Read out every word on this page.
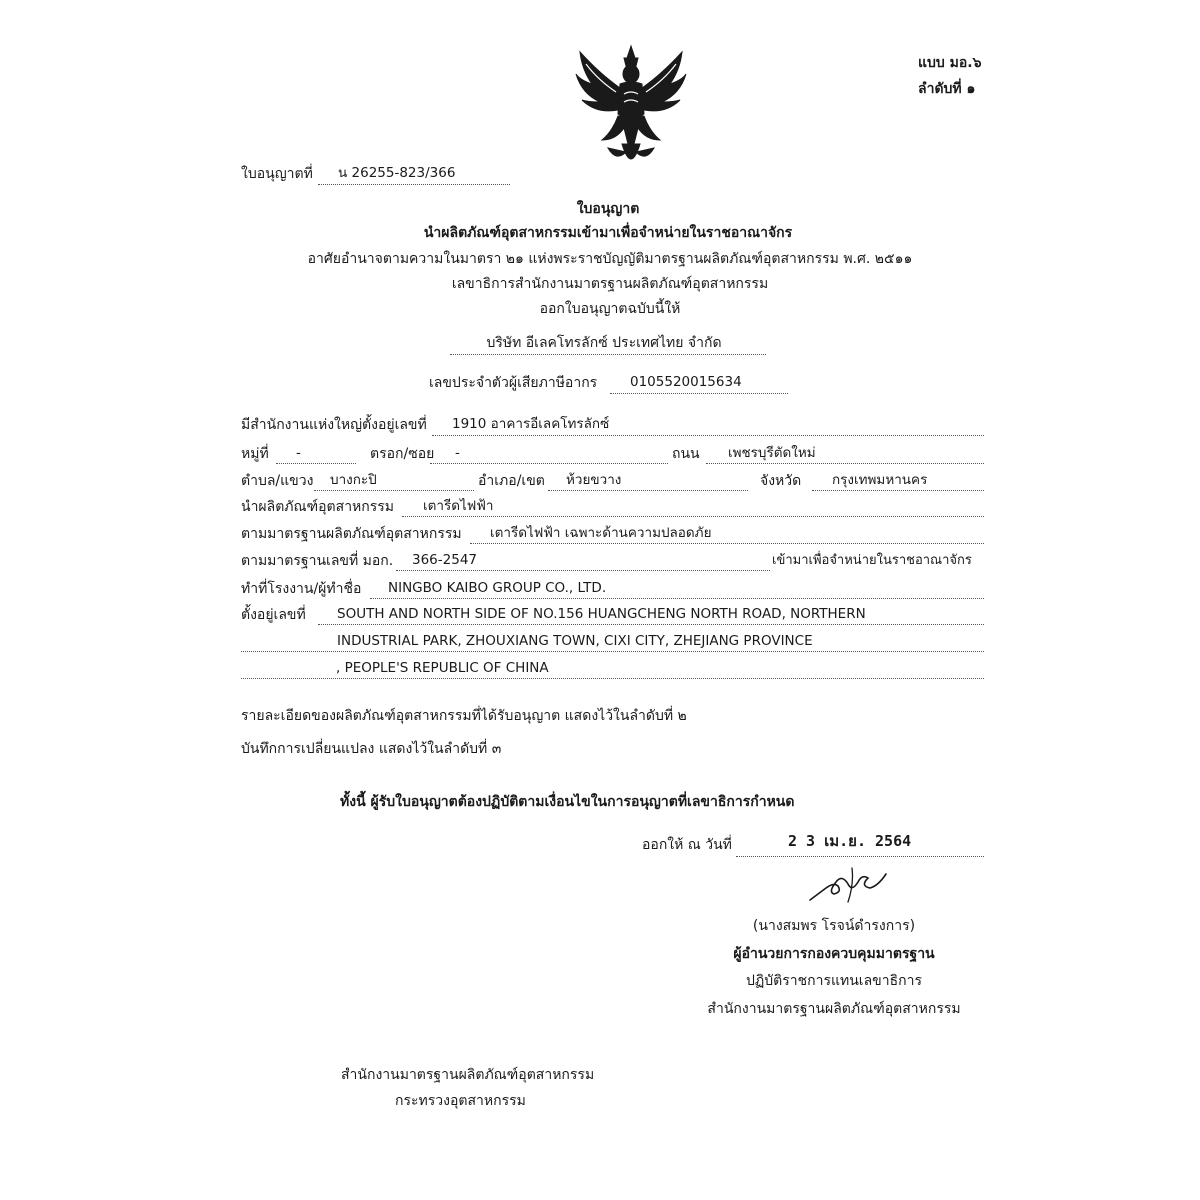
แบบ มอ.๖
ลำดับที่ ๑
ใบอนุญาตที่ น 26255-823/366
ใบอนุญาต
นำผลิตภัณฑ์อุตสาหกรรมเข้ามาเพื่อจำหน่ายในราชอาณาจักร
อาศัยอำนาจตามความในมาตรา ๒๑ แห่งพระราชบัญญัติมาตรฐานผลิตภัณฑ์อุตสาหกรรม พ.ศ. ๒๕๑๑
เลขาธิการสำนักงานมาตรฐานผลิตภัณฑ์อุตสาหกรรม
ออกใบอนุญาตฉบับนี้ให้
บริษัท อีเลคโทรลักซ์ ประเทศไทย จำกัด
เลขประจำตัวผู้เสียภาษีอากร 0105520015634
มีสำนักงานแห่งใหญ่ตั้งอยู่เลขที่ 1910 อาคารอีเลคโทรลักซ์
หมู่ที่ -	ตรอก/ซอย -	ถนน เพชรบุรีตัดใหม่
ตำบล/แขวง บางกะปิ	อำเภอ/เขต ห้วยขวาง	จังหวัด กรุงเทพมหานคร
นำผลิตภัณฑ์อุตสาหกรรม เตารีดไฟฟ้า
ตามมาตรฐานผลิตภัณฑ์อุตสาหกรรม เตารีดไฟฟ้า เฉพาะด้านความปลอดภัย
ตามมาตรฐานเลขที่ มอก. 366-2547	เข้ามาเพื่อจำหน่ายในราชอาณาจักร
ทำที่โรงงาน/ผู้ทำชื่อ NINGBO KAIBO GROUP CO., LTD.
ตั้งอยู่เลขที่ SOUTH AND NORTH SIDE OF NO.156 HUANGCHENG NORTH ROAD, NORTHERN
INDUSTRIAL PARK, ZHOUXIANG TOWN, CIXI CITY, ZHEJIANG PROVINCE
, PEOPLE'S REPUBLIC OF CHINA
รายละเอียดของผลิตภัณฑ์อุตสาหกรรมที่ได้รับอนุญาต แสดงไว้ในลำดับที่ ๒
บันทึกการเปลี่ยนแปลง แสดงไว้ในลำดับที่ ๓
ทั้งนี้ ผู้รับใบอนุญาตต้องปฏิบัติตามเงื่อนไขในการอนุญาตที่เลขาธิการกำหนด
ออกให้ ณ วันที่	2 3 เม.ย. 2564
(นางสมพร โรจน์ดำรงการ)
ผู้อำนวยการกองควบคุมมาตรฐาน
ปฏิบัติราชการแทนเลขาธิการ
สำนักงานมาตรฐานผลิตภัณฑ์อุตสาหกรรม
สำนักงานมาตรฐานผลิตภัณฑ์อุตสาหกรรม
กระทรวงอุตสาหกรรม
